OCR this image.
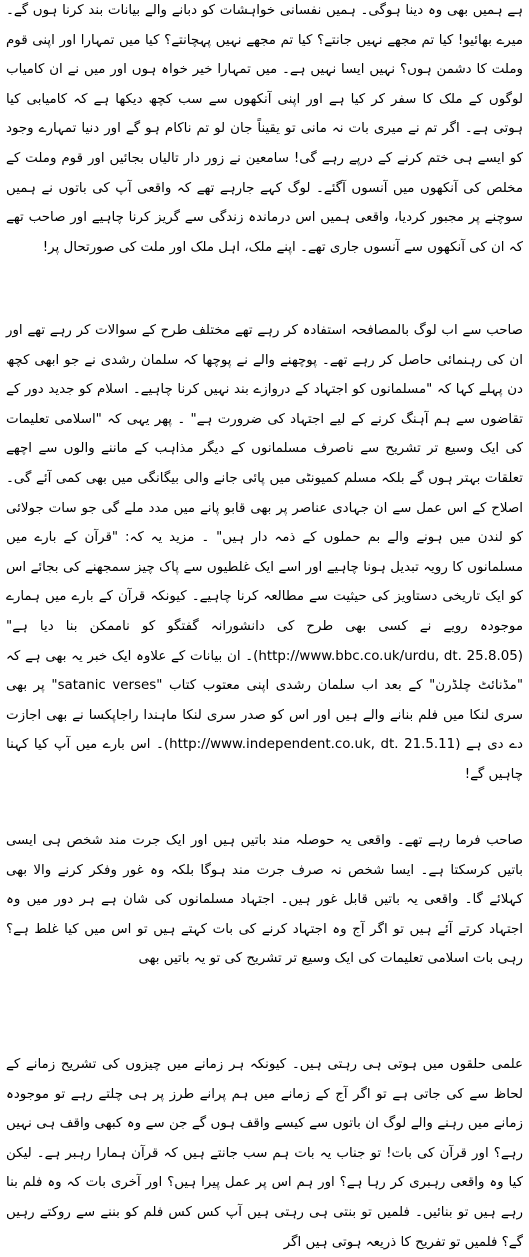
ہے ہمیں بھی وہ دینا ہوگی۔ ہمیں نفسانی خواہشات کو دبانے والے بیانات بند کرنا ہوں گے۔ میرے بھائیو! کیا تم مجھے نہیں جانتے؟ کیا تم مجھے نہیں پہچانتے؟ کیا میں تمہارا اور اپنی قوم وملت کا دشمن ہوں؟ نہیں ایسا نہیں ہے۔ میں تمہارا خیر خواہ ہوں اور میں نے ان کامیاب لوگوں کے ملک کا سفر کر کیا ہے اور اپنی آنکھوں سے سب کچھ دیکھا ہے کہ کامیابی کیا ہوتی ہے۔ اگر تم نے میری بات نہ مانی تو یقیناً جان لو تم ناکام ہو گے اور دنیا تمہارے وجود کو ایسے ہی ختم کرنے کے درپے رہے گی! سامعین نے زور دار تالیاں بجائیں اور قوم وملت کے مخلص کی آنکھوں میں آنسوں آگئے۔ لوگ کہے جارہے تھے کہ واقعی آپ کی باتوں نے ہمیں سوچنے پر مجبور کردیا، واقعی ہمیں اس درماندہ زندگی سے گریز کرنا چاہیے اور صاحب تھے کہ ان کی آنکھوں سے آنسوں جاری تھے۔ اپنے ملک، اہل ملک اور ملت کی صورتحال پر!

صاحب سے اب لوگ بالمصافحہ استفادہ کر رہے تھے مختلف طرح کے سوالات کر رہے تھے اور ان کی رہنمائی حاصل کر رہے تھے۔ پوچھنے والے نے پوچھا کہ سلمان رشدی نے جو ابھی کچھ دن پہلے کہا کہ "مسلمانوں کو اجتہاد کے دروازے بند نہیں کرنا چاہیے۔ اسلام کو جدید دور کے تقاضوں سے ہم آہنگ کرنے کے لیے اجتہاد کی ضرورت ہے" ۔ پھر یہی کہ "اسلامی تعلیمات کی ایک وسیع تر تشریح سے ناصرف مسلمانوں کے دیگر مذاہب کے ماننے والوں سے اچھے تعلقات بہتر ہوں گے بلکہ مسلم کمیونٹی میں پائی جانے والی بیگانگی میں بھی کمی آئے گی۔ اصلاح کے اس عمل سے ان جہادی عناصر پر بھی قابو پانے میں مدد ملے گی جو سات جولائی کو لندن میں ہونے والے بم حملوں کے ذمہ دار ہیں" ۔ مزید یہ کہ: "قرآن کے بارے میں مسلمانوں کا رویہ تبدیل ہونا چاہیے اور اسے ایک غلطیوں سے پاک چیز سمجھنے کی بجائے اس کو ایک تاریخی دستاویز کی حیثیت سے مطالعہ کرنا چاہیے۔ کیونکہ قرآن کے بارے میں ہمارے موجودہ رویے نے کسی بھی طرح کی دانشورانہ گفتگو کو ناممکن بنا دیا ہے" (http://www.bbc.co.uk/urdu, dt. 25.8.05)۔ ان بیانات کے علاوہ ایک خبر یہ بھی ہے کہ "مڈنائٹ چلڈرن" کے بعد اب سلمان رشدی اپنی معتوب کتاب "satanic verses" پر بھی سری لنکا میں فلم بنانے والے ہیں اور اس کو صدر سری لنکا ماہندا راجاپکسا نے بھی اجازت دے دی ہے (http://www.independent.co.uk, dt. 21.5.11)۔ اس بارے میں آپ کیا کہنا چاہیں گے!

صاحب فرما رہے تھے۔ واقعی یہ حوصلہ مند باتیں ہیں اور ایک جرت مند شخص ہی ایسی باتیں کرسکتا ہے۔ ایسا شخص نہ صرف جرت مند ہوگا بلکہ وہ غور وفکر کرنے والا بھی کہلائے گا۔ واقعی یہ باتیں قابل غور ہیں۔ اجتہاد مسلمانوں کی شان ہے ہر دور میں وہ اجتہاد کرتے آئے ہیں تو اگر آج وہ اجتہاد کرنے کی بات کہتے ہیں تو اس میں کیا غلط ہے؟ رہی بات اسلامی تعلیمات کی ایک وسیع تر تشریح کی تو یہ باتیں بھی

علمی حلقوں میں ہوتی ہی رہتی ہیں۔ کیونکہ ہر زمانے میں چیزوں کی تشریح زمانے کے لحاظ سے کی جاتی ہے تو اگر آج کے زمانے میں ہم پرانے طرز پر ہی چلتے رہے تو موجودہ زمانے میں رہنے والے لوگ ان باتوں سے کیسے واقف ہوں گے جن سے وہ کبھی واقف ہی نہیں رہے؟ اور قرآن کی بات! تو جناب یہ بات ہم سب جانتے ہیں کہ قرآن ہمارا رہبر ہے۔ لیکن کیا وہ واقعی رہبری کر رہا ہے؟ اور ہم اس پر عمل پیرا ہیں؟ اور آخری بات کہ وہ فلم بنا رہے ہیں تو بنائیں۔ فلمیں تو بنتی ہی رہتی ہیں آپ کس کس فلم کو بننے سے روکتے رہیں گے؟ فلمیں تو تفریح کا ذریعہ ہوتی ہیں اگر
